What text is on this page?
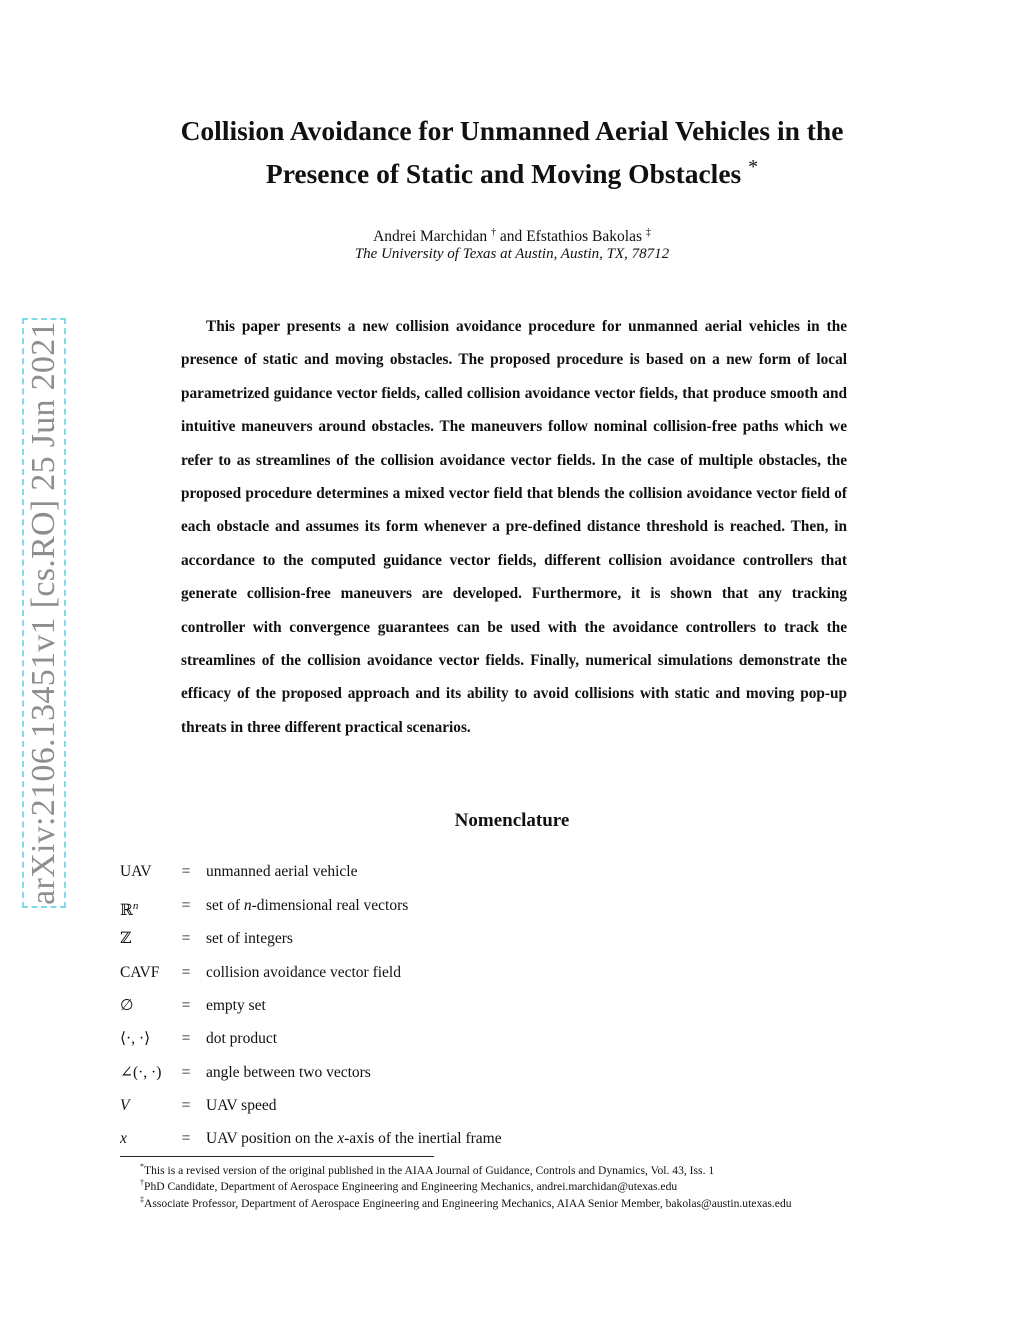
arXiv:2106.13451v1 [cs.RO] 25 Jun 2021
Collision Avoidance for Unmanned Aerial Vehicles in the
Presence of Static and Moving Obstacles *
Andrei Marchidan † and Efstathios Bakolas ‡
The University of Texas at Austin, Austin, TX, 78712

This paper presents a new collision avoidance procedure for unmanned aerial vehicles in the presence of static and moving obstacles. The proposed procedure is based on a new form of local parametrized guidance vector fields, called collision avoidance vector fields, that produce smooth and intuitive maneuvers around obstacles. The maneuvers follow nominal collision-free paths which we refer to as streamlines of the collision avoidance vector fields. In the case of multiple obstacles, the proposed procedure determines a mixed vector field that blends the collision avoidance vector field of each obstacle and assumes its form whenever a pre-defined distance threshold is reached. Then, in accordance to the computed guidance vector fields, different collision avoidance controllers that generate collision-free maneuvers are developed. Furthermore, it is shown that any tracking controller with convergence guarantees can be used with the avoidance controllers to track the streamlines of the collision avoidance vector fields. Finally, numerical simulations demonstrate the efficacy of the proposed approach and its ability to avoid collisions with static and moving pop-up threats in three different practical scenarios.

Nomenclature
UAV	= unmanned aerial vehicle
ℝ$^n$	= set of n-dimensional real vectors
ℤ	= set of integers
CAVF	= collision avoidance vector field
∅	= empty set
⟨·, ·⟩	= dot product
∠(·, ·)	= angle between two vectors
V	= UAV speed
x	= UAV position on the x-axis of the inertial frame
*This is a revised version of the original published in the AIAA Journal of Guidance, Controls and Dynamics, Vol. 43, Iss. 1
†PhD Candidate, Department of Aerospace Engineering and Engineering Mechanics, andrei.marchidan@utexas.edu
‡Associate Professor, Department of Aerospace Engineering and Engineering Mechanics, AIAA Senior Member, bakolas@austin.utexas.edu
